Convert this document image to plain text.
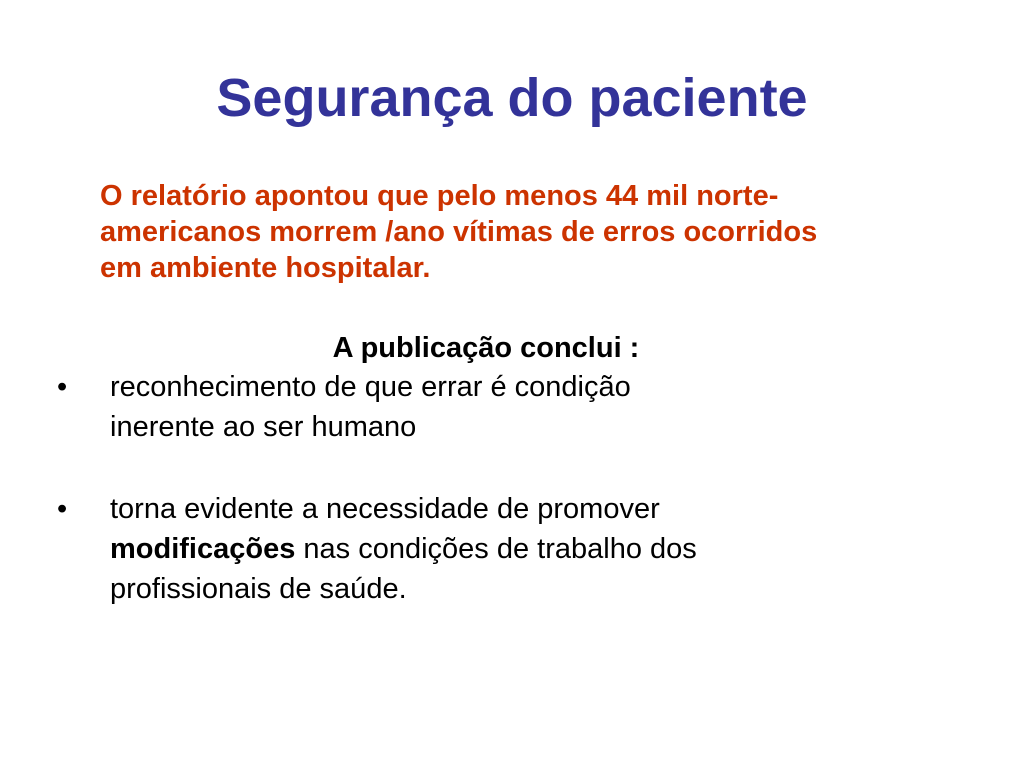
Segurança do paciente
O relatório apontou que pelo menos 44 mil norte-
americanos morrem /ano vítimas de erros ocorridos
em ambiente hospitalar.
A publicação conclui :
•	reconhecimento de que errar é condição
inerente ao ser humano
•	torna evidente a necessidade de promover
modificações nas condições de trabalho dos
profissionais de saúde.
